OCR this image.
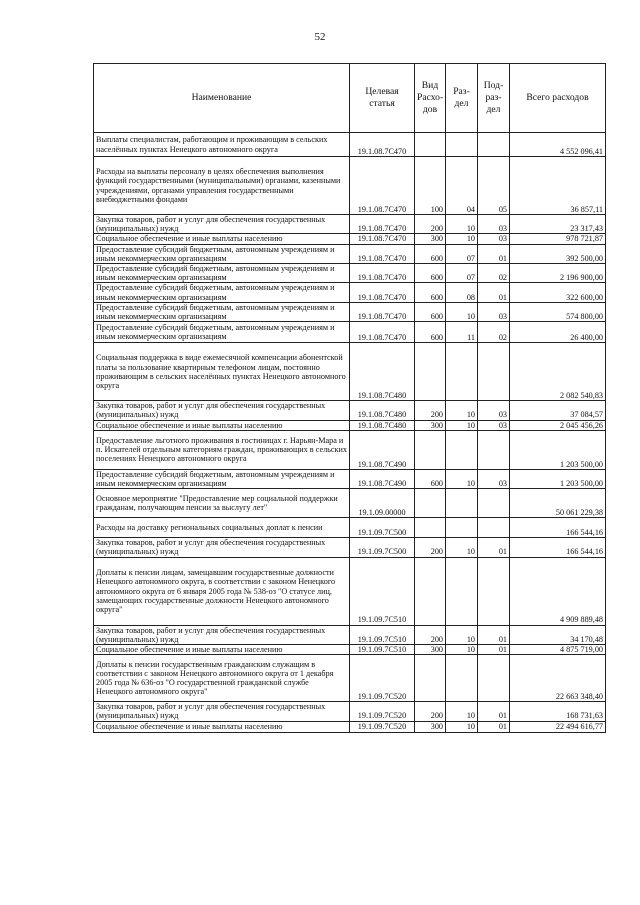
52
Наименование	Целевая статья	Вид Расхо-дов	Раз-дел	Под-раз-дел	Всего расходов
Выплаты специалистам, работающим и проживающим в сельских населённых пунктах Ненецкого автономного округа	19.1.08.7С470				4 552 096,41
Расходы на выплаты персоналу в целях обеспечения выполнения функций государственными (муниципальными) органами, казенными учреждениями, органами управления государственными внебюджетными фондами	19.1.08.7С470	100	04	05	36 857,11
Закупка товаров, работ и услуг для обеспечения государственных (муниципальных) нужд	19.1.08.7С470	200	10	03	23 317,43
Социальное обеспечение и иные выплаты населению	19.1.08.7С470	300	10	03	978 721,87
Предоставление субсидий бюджетным, автономным учреждениям и иным некоммерческим организациям	19.1.08.7С470	600	07	01	392 500,00
Предоставление субсидий бюджетным, автономным учреждениям и иным некоммерческим организациям	19.1.08.7С470	600	07	02	2 196 900,00
Предоставление субсидий бюджетным, автономным учреждениям и иным некоммерческим организациям	19.1.08.7С470	600	08	01	322 600,00
Предоставление субсидий бюджетным, автономным учреждениям и иным некоммерческим организациям	19.1.08.7С470	600	10	03	574 800,00
Предоставление субсидий бюджетным, автономным учреждениям и иным некоммерческим организациям	19.1.08.7С470	600	11	02	26 400,00
Социальная поддержка в виде ежемесячной компенсации абонентской платы за пользование квартирным телефоном лицам, постоянно проживающим в сельских населённых пунктах Ненецкого автономного округа	19.1.08.7С480				2 082 540,83
Закупка товаров, работ и услуг для обеспечения государственных (муниципальных) нужд	19.1.08.7С480	200	10	03	37 084,57
Социальное обеспечение и иные выплаты населению	19.1.08.7С480	300	10	03	2 045 456,26
Предоставление льготного проживания в гостиницах г. Нарьян-Мара и п. Искателей отдельным категориям граждан, проживающих в сельских поселениях Ненецкого автономного округа	19.1.08.7С490				1 203 500,00
Предоставление субсидий бюджетным, автономным учреждениям и иным некоммерческим организациям	19.1.08.7С490	600	10	03	1 203 500,00
Основное мероприятие "Предоставление мер социальной поддержки гражданам, получающим пенсии за выслугу лет"	19.1.09.00000				50 061 229,38
Расходы на доставку региональных социальных доплат к пенсии	19.1.09.7С500				166 544,16
Закупка товаров, работ и услуг для обеспечения государственных (муниципальных) нужд	19.1.09.7С500	200	10	01	166 544,16
Доплаты к пенсии лицам, замещавшим государственные должности Ненецкого автономного округа, в соответствии с законом Ненецкого автономного округа от 6 января 2005 года № 538-оз "О статусе лиц, замещающих государственные должности Ненецкого автономного округа"	19.1.09.7С510				4 909 889,48
Закупка товаров, работ и услуг для обеспечения государственных (муниципальных) нужд	19.1.09.7С510	200	10	01	34 170,48
Социальное обеспечение и иные выплаты населению	19.1.09.7С510	300	10	01	4 875 719,00
Доплаты к пенсии государственным гражданским служащим в соответствии с законом Ненецкого автономного округа от 1 декабря 2005 года № 636-оз "О государственной гражданской службе Ненецкого автономного округа"	19.1.09.7С520				22 663 348,40
Закупка товаров, работ и услуг для обеспечения государственных (муниципальных) нужд	19.1.09.7С520	200	10	01	168 731,63
Социальное обеспечение и иные выплаты населению	19.1.09.7С520	300	10	01	22 494 616,77
